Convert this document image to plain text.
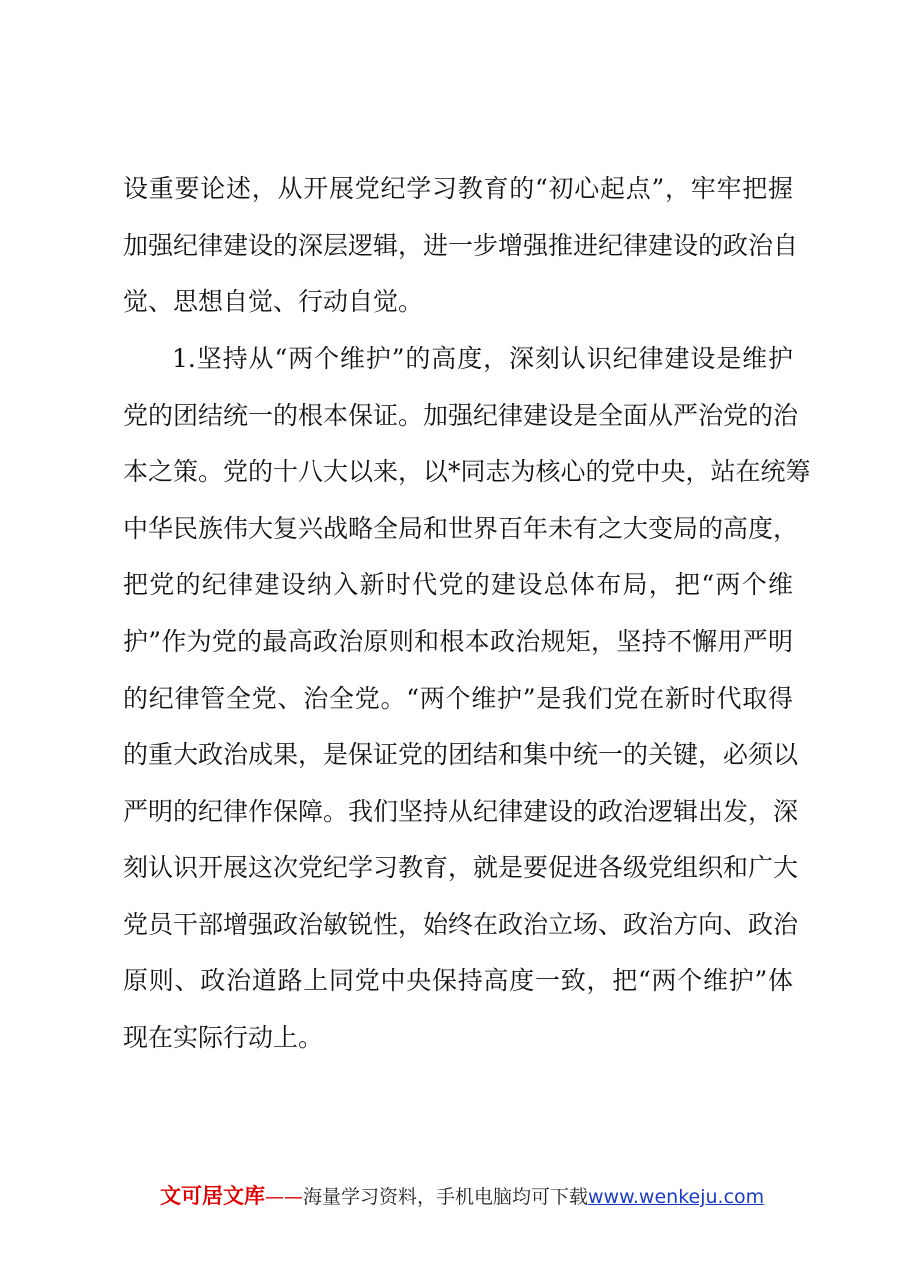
设重要论述，从开展党纪学习教育的“初心起点”，牢牢把握
加强纪律建设的深层逻辑，进一步增强推进纪律建设的政治自
觉、思想自觉、行动自觉。
1.坚持从“两个维护”的高度，深刻认识纪律建设是维护
党的团结统一的根本保证。加强纪律建设是全面从严治党的治
本之策。党的十八大以来，以*同志为核心的党中央，站在统筹
中华民族伟大复兴战略全局和世界百年未有之大变局的高度，
把党的纪律建设纳入新时代党的建设总体布局，把“两个维
护”作为党的最高政治原则和根本政治规矩，坚持不懈用严明
的纪律管全党、治全党。“两个维护”是我们党在新时代取得
的重大政治成果，是保证党的团结和集中统一的关键，必须以
严明的纪律作保障。我们坚持从纪律建设的政治逻辑出发，深
刻认识开展这次党纪学习教育，就是要促进各级党组织和广大
党员干部增强政治敏锐性，始终在政治立场、政治方向、政治
原则、政治道路上同党中央保持高度一致，把“两个维护”体
现在实际行动上。
文可居文库——海量学习资料，手机电脑均可下载www.wenkeju.com
